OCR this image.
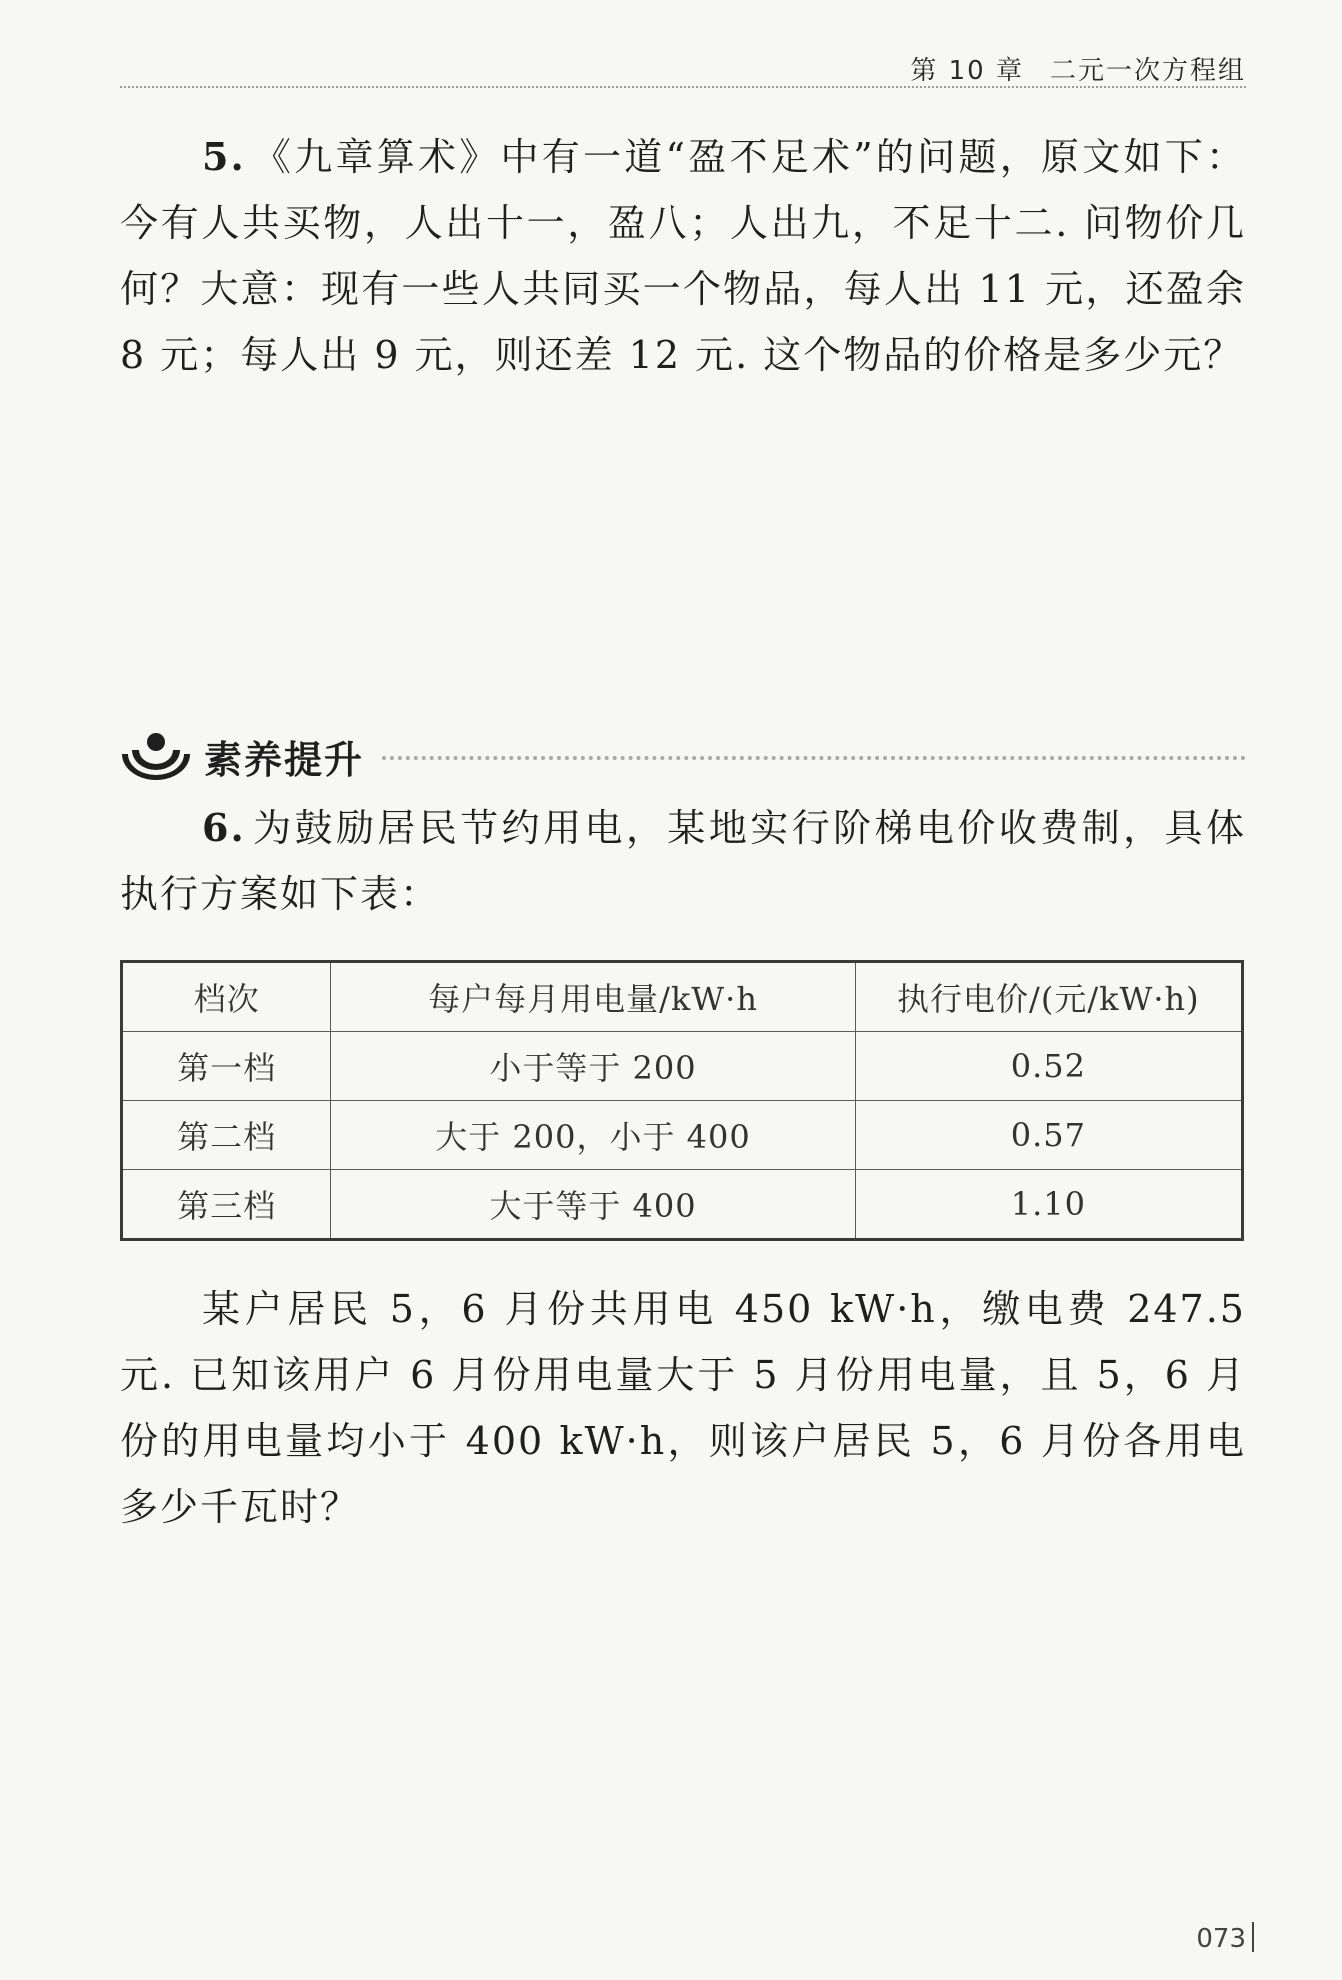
第 10 章 二元一次方程组

5. 《九章算术》中有一道“盈不足术”的问题，原文如下：今有人共买物，人出十一，盈八；人出九，不足十二. 问物价几何？大意：现有一些人共同买一个物品，每人出 11 元，还盈余 8 元；每人出 9 元，则还差 12 元. 这个物品的价格是多少元？

素养提升

6. 为鼓励居民节约用电，某地实行阶梯电价收费制，具体执行方案如下表：

档次	每户每月用电量/kW·h	执行电价/(元/kW·h)
第一档	小于等于 200	0.52
第二档	大于 200，小于 400	0.57
第三档	大于等于 400	1.10

某户居民 5，6 月份共用电 450 kW·h，缴电费 247.5 元. 已知该用户 6 月份用电量大于 5 月份用电量，且 5，6 月份的用电量均小于 400 kW·h，则该户居民 5，6 月份各用电多少千瓦时？

073
